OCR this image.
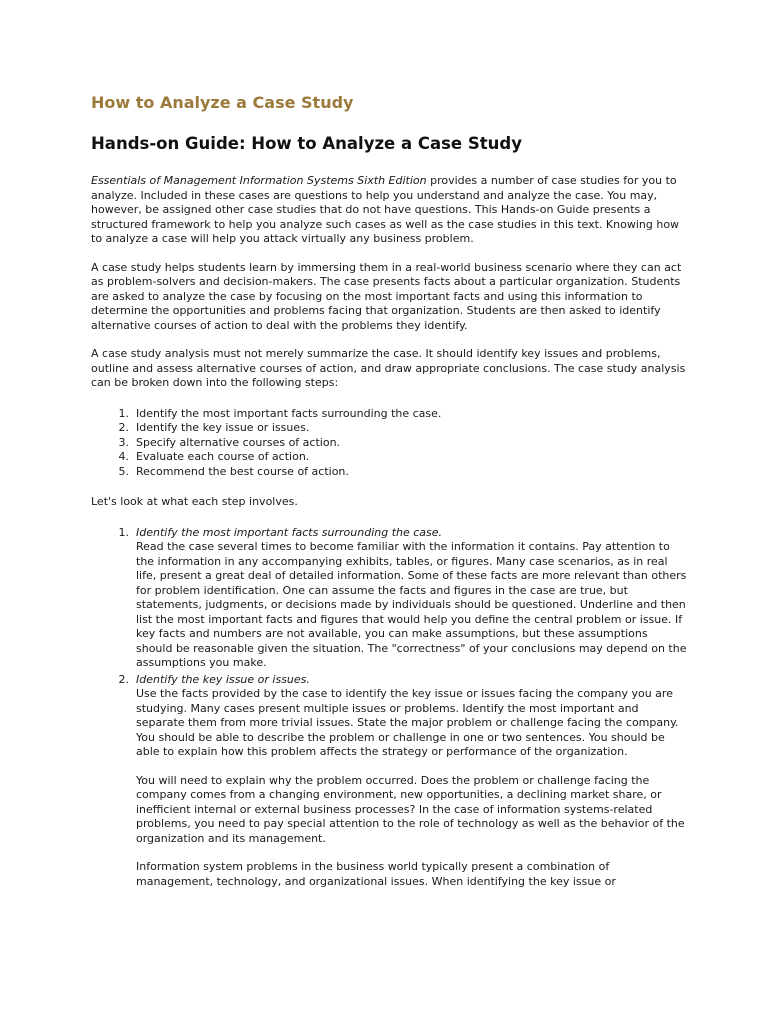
How to Analyze a Case Study
Hands-on Guide: How to Analyze a Case Study

Essentials of Management Information Systems Sixth Edition provides a number of case studies for you to analyze. Included in these cases are questions to help you understand and analyze the case. You may, however, be assigned other case studies that do not have questions. This Hands-on Guide presents a structured framework to help you analyze such cases as well as the case studies in this text. Knowing how to analyze a case will help you attack virtually any business problem.

A case study helps students learn by immersing them in a real-world business scenario where they can act as problem-solvers and decision-makers. The case presents facts about a particular organization. Students are asked to analyze the case by focusing on the most important facts and using this information to determine the opportunities and problems facing that organization. Students are then asked to identify alternative courses of action to deal with the problems they identify.

A case study analysis must not merely summarize the case. It should identify key issues and problems, outline and assess alternative courses of action, and draw appropriate conclusions. The case study analysis can be broken down into the following steps:

1. Identify the most important facts surrounding the case.
2. Identify the key issue or issues.
3. Specify alternative courses of action.
4. Evaluate each course of action.
5. Recommend the best course of action.

Let's look at what each step involves.

1. Identify the most important facts surrounding the case.
Read the case several times to become familiar with the information it contains. Pay attention to the information in any accompanying exhibits, tables, or figures. Many case scenarios, as in real life, present a great deal of detailed information. Some of these facts are more relevant than others for problem identification. One can assume the facts and figures in the case are true, but statements, judgments, or decisions made by individuals should be questioned. Underline and then list the most important facts and figures that would help you define the central problem or issue. If key facts and numbers are not available, you can make assumptions, but these assumptions should be reasonable given the situation. The "correctness" of your conclusions may depend on the assumptions you make.
2. Identify the key issue or issues.
Use the facts provided by the case to identify the key issue or issues facing the company you are studying. Many cases present multiple issues or problems. Identify the most important and separate them from more trivial issues. State the major problem or challenge facing the company. You should be able to describe the problem or challenge in one or two sentences. You should be able to explain how this problem affects the strategy or performance of the organization.
You will need to explain why the problem occurred. Does the problem or challenge facing the company comes from a changing environment, new opportunities, a declining market share, or inefficient internal or external business processes? In the case of information systems-related problems, you need to pay special attention to the role of technology as well as the behavior of the organization and its management.
Information system problems in the business world typically present a combination of management, technology, and organizational issues. When identifying the key issue or
